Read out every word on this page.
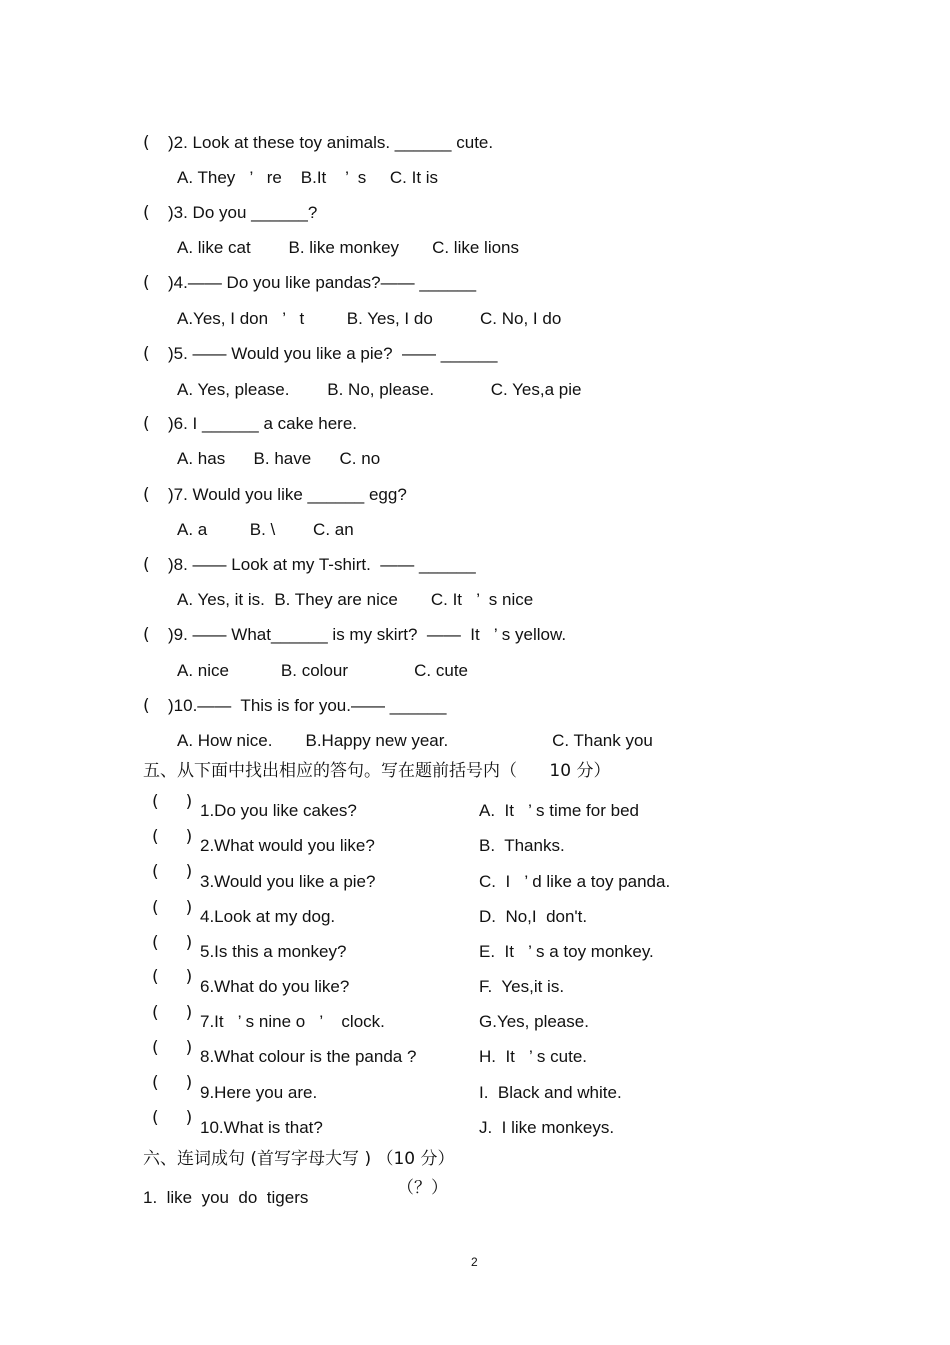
( )2. Look at these toy animals. ______ cute.
A. They   ’   re    B.It    ’  s     C. It is
( )3. Do you ______?
A. like cat        B. like monkey       C. like lions
( )4.—— Do you like pandas?—— ______
A.Yes, I don   ’   t         B. Yes, I do          C. No, I do
( )5. —— Would you like a pie?  —— ______
A. Yes, please.        B. No, please.            C. Yes,a pie
( )6. I ______ a cake here.
A. has      B. have      C. no
( )7. Would you like ______ egg?
A. a         B. \        C. an
( )8. —— Look at my T-shirt.  —— ______
A. Yes, it is.  B. They are nice       C. It   ’  s nice
( )9. —— What______ is my skirt?  ——  It   ’ s yellow.
A. nice           B. colour              C. cute
( )10.——  This is for you.—— ______
A. How nice.       B.Happy new year.                      C. Thank you
五、从下面中找出相应的答句。写在题前括号内（      10 分）
(     ) 1.Do you like cakes?	A.  It   ’ s time for bed
(     ) 2.What would you like?	B.  Thanks.
(     ) 3.Would you like a pie?	C.  I   ’ d like a toy panda.
(     ) 4.Look at my dog.	D.  No,I  don't.
(     ) 5.Is this a monkey?	E.  It   ’ s a toy monkey.
(     ) 6.What do you like?	F.  Yes,it is.
(     ) 7.It   ’ s nine o   ’    clock.	G.Yes, please.
(     ) 8.What colour is the panda ?	H.  It   ’ s cute.
(     ) 9.Here you are.	I.  Black and white.
(     ) 10.What is that?	J.  I like monkeys.
六、连词成句 (首写字母大写 ) （10 分）
1.  like  you  do  tigers	（？）
2
